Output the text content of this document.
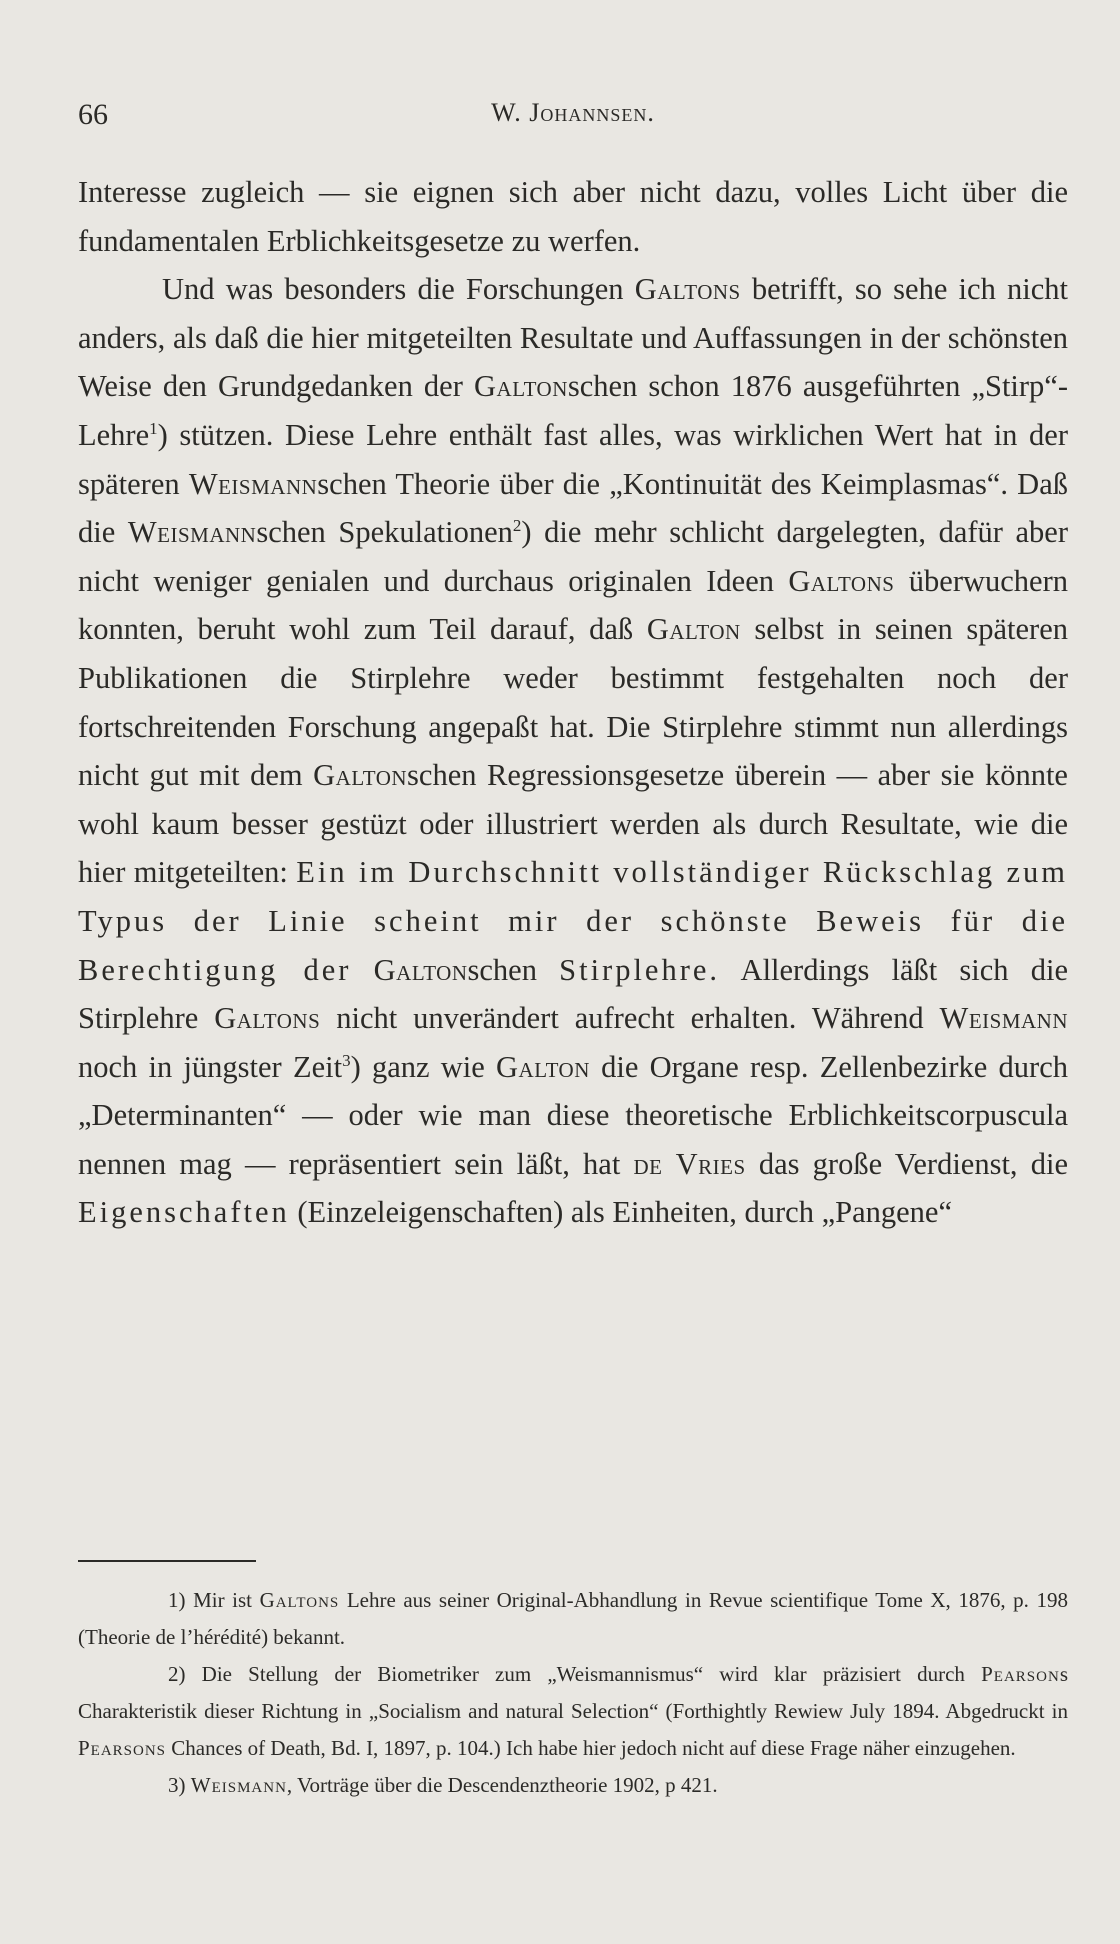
66	W. Johannsen.

Interesse zugleich — sie eignen sich aber nicht dazu, volles Licht über die fundamentalen Erblichkeitsgesetze zu werfen.

Und was besonders die Forschungen Galtons betrifft, so sehe ich nicht anders, als daß die hier mitgeteilten Resultate und Auffassungen in der schönsten Weise den Grundgedanken der Galtonschen schon 1876 ausgeführten „Stirp“-Lehre$^1$) stützen. Diese Lehre enthält fast alles, was wirklichen Wert hat in der späteren Weismannschen Theorie über die „Kontinuität des Keimplasmas“. Daß die Weismannschen Spekulationen$^2$) die mehr schlicht dargelegten, dafür aber nicht weniger genialen und durchaus originalen Ideen Galtons überwuchern konnten, beruht wohl zum Teil darauf, daß Galton selbst in seinen späteren Publikationen die Stirplehre weder bestimmt festgehalten noch der fortschreitenden Forschung angepaßt hat. Die Stirplehre stimmt nun allerdings nicht gut mit dem Galtonschen Regressionsgesetze überein — aber sie könnte wohl kaum besser gestüzt oder illustriert werden als durch Resultate, wie die hier mitgeteilten: Ein im Durchschnitt vollständiger Rückschlag zum Typus der Linie scheint mir der schönste Beweis für die Berechtigung der Galtonschen Stirplehre. Allerdings läßt sich die Stirplehre Galtons nicht unverändert aufrecht erhalten. Während Weismann noch in jüngster Zeit$^3$) ganz wie Galton die Organe resp. Zellenbezirke durch „Determinanten“ — oder wie man diese theoretische Erblichkeitscorpuscula nennen mag — repräsentiert sein läßt, hat de Vries das große Verdienst, die Eigenschaften (Einzeleigenschaften) als Einheiten, durch „Pangene“

1) Mir ist Galtons Lehre aus seiner Original-Abhandlung in Revue scientifique Tome X, 1876, p. 198 (Theorie de l’hérédité) bekannt.

2) Die Stellung der Biometriker zum „Weismannismus“ wird klar präzisiert durch Pearsons Charakteristik dieser Richtung in „Socialism and natural Selection“ (Forthightly Rewiew July 1894. Abgedruckt in Pearsons Chances of Death, Bd. I, 1897, p. 104.) Ich habe hier jedoch nicht auf diese Frage näher einzugehen.

3) Weismann, Vorträge über die Descendenztheorie 1902, p 421.
